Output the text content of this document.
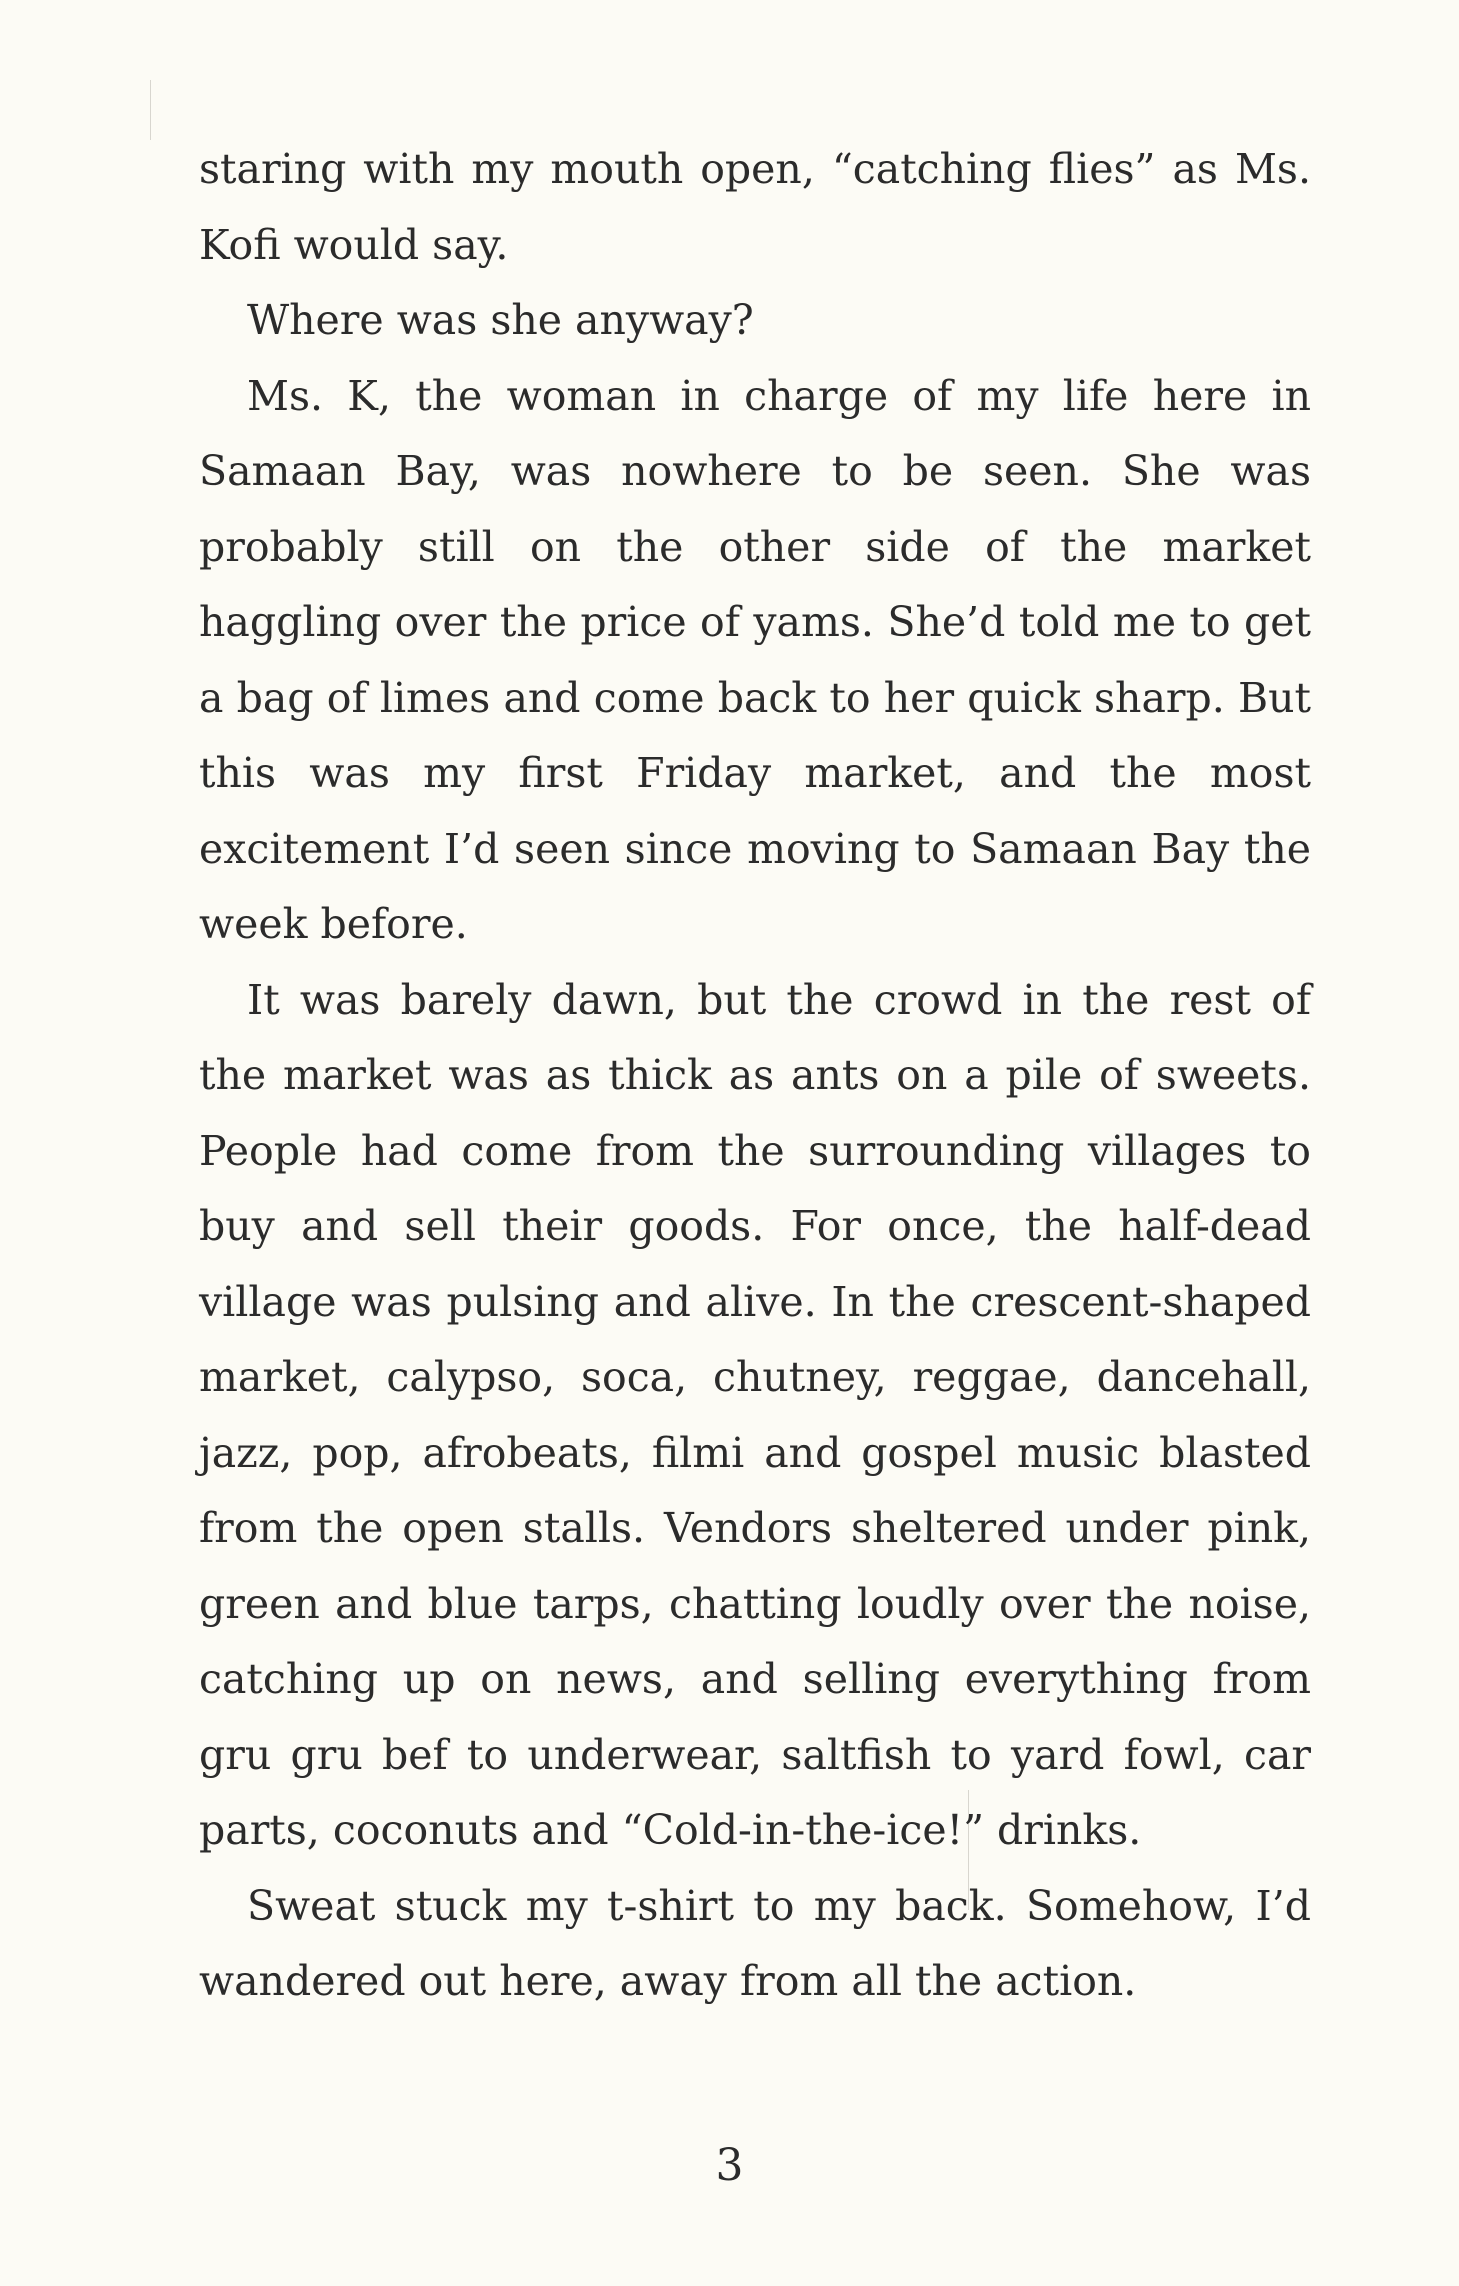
staring with my mouth open, “catching flies” as Ms. Kofi would say.

Where was she anyway?

Ms. K, the woman in charge of my life here in Samaan Bay, was nowhere to be seen. She was probably still on the other side of the market haggling over the price of yams. She’d told me to get a bag of limes and come back to her quick sharp. But this was my first Friday market, and the most excitement I’d seen since moving to Samaan Bay the week before.

It was barely dawn, but the crowd in the rest of the market was as thick as ants on a pile of sweets. People had come from the surrounding villages to buy and sell their goods. For once, the half-dead village was pulsing and alive. In the crescent-shaped market, calypso, soca, chutney, reggae, dancehall, jazz, pop, afrobeats, filmi and gospel music blasted from the open stalls. Vendors sheltered under pink, green and blue tarps, chatting loudly over the noise, catching up on news, and selling everything from gru gru bef to underwear, saltfish to yard fowl, car parts, coconuts and “Cold-in-the-ice!” drinks.

Sweat stuck my t-shirt to my back. Somehow, I’d wandered out here, away from all the action.

3
